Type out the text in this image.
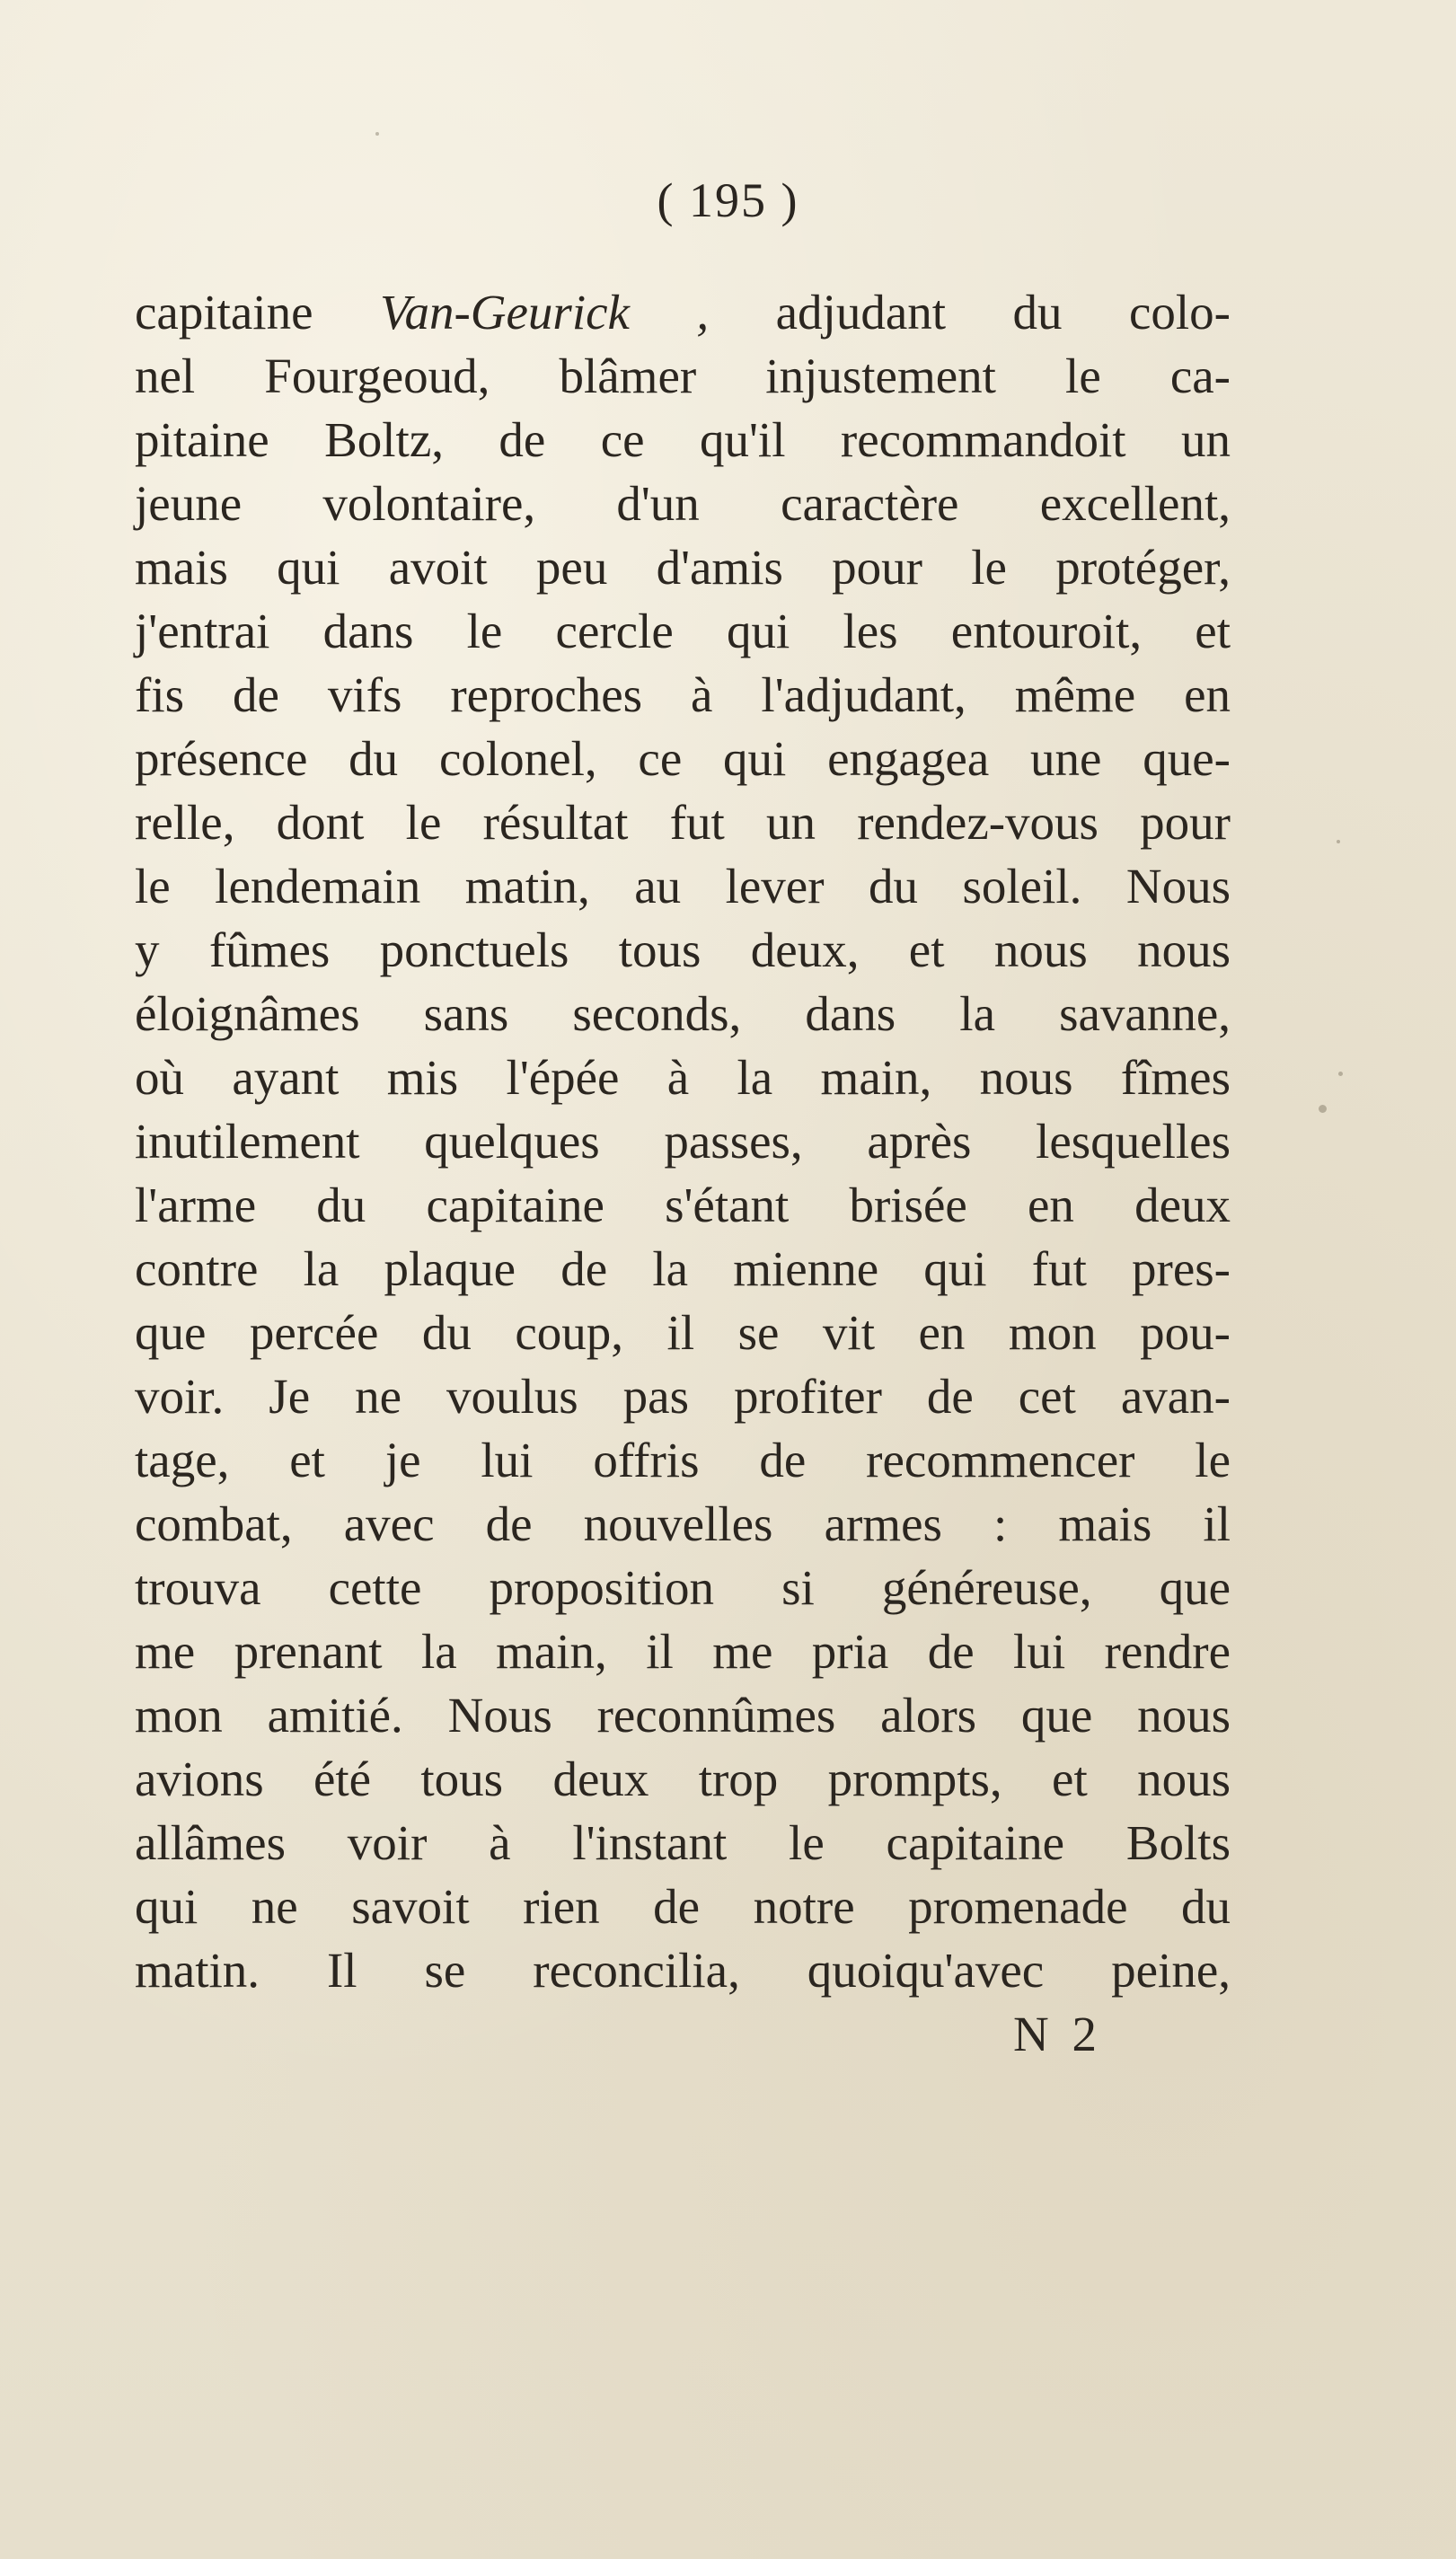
( 195 )
capitaine Van-Geurick , adjudant du colo-
nel Fourgeoud, blâmer injustement le ca-
pitaine Boltz, de ce qu'il recommandoit un
jeune volontaire, d'un caractère excellent,
mais qui avoit peu d'amis pour le protéger,
j'entrai dans le cercle qui les entouroit, et
fis de vifs reproches à l'adjudant, même en
présence du colonel, ce qui engagea une que-
relle, dont le résultat fut un rendez-vous pour
le lendemain matin, au lever du soleil. Nous
y fûmes ponctuels tous deux, et nous nous
éloignâmes sans seconds, dans la savanne,
où ayant mis l'épée à la main, nous fîmes
inutilement quelques passes, après lesquelles
l'arme du capitaine s'étant brisée en deux
contre la plaque de la mienne qui fut pres-
que percée du coup, il se vit en mon pou-
voir. Je ne voulus pas profiter de cet avan-
tage, et je lui offris de recommencer le
combat, avec de nouvelles armes : mais il
trouva cette proposition si généreuse, que
me prenant la main, il me pria de lui rendre
mon amitié. Nous reconnûmes alors que nous
avions été tous deux trop prompts, et nous
allâmes voir à l'instant le capitaine Bolts
qui ne savoit rien de notre promenade du
matin. Il se reconcilia, quoiqu'avec peine,
N 2
